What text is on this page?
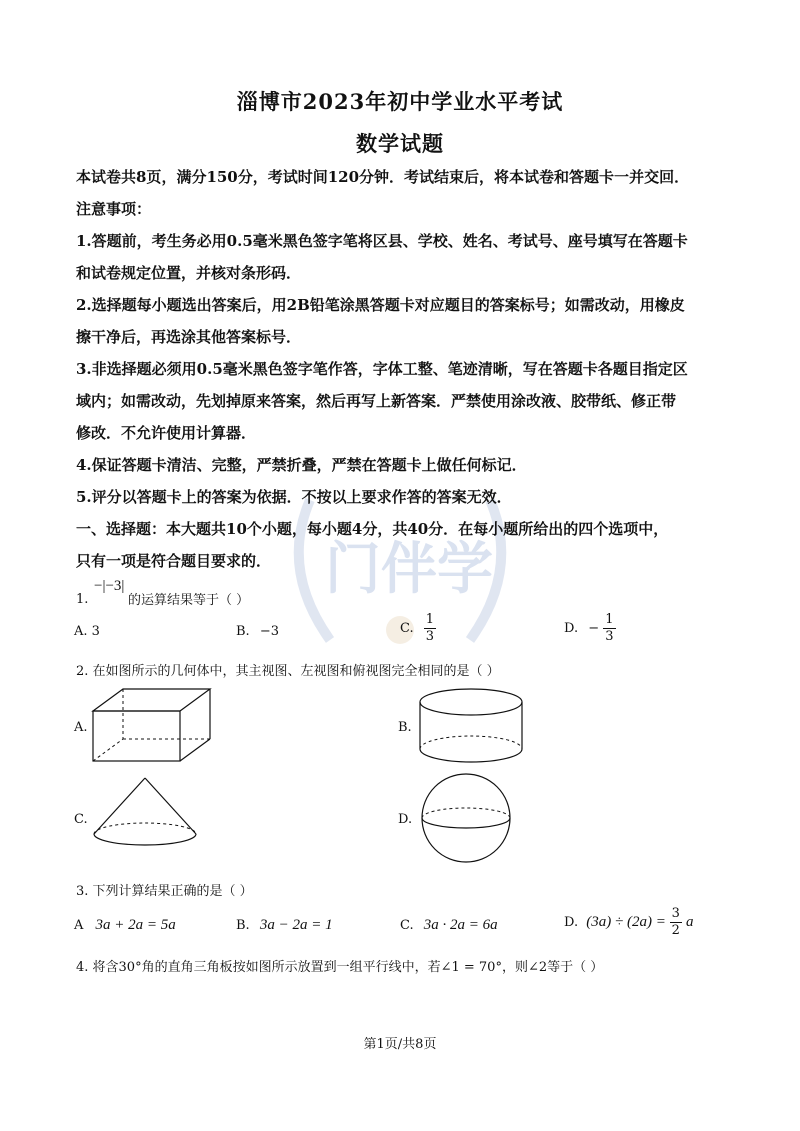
门伴学
淄博市2023年初中学业水平考试
数学试题
本试卷共8页，满分150分，考试时间120分钟．考试结束后，将本试卷和答题卡一并交回．
注意事项：
1.答题前，考生务必用0.5毫米黑色签字笔将区县、学校、姓名、考试号、座号填写在答题卡
和试卷规定位置，并核对条形码．
2.选择题每小题选出答案后，用2B铅笔涂黑答题卡对应题目的答案标号；如需改动，用橡皮
擦干净后，再选涂其他答案标号．
3.非选择题必须用0.5毫米黑色签字笔作答，字体工整、笔迹清晰，写在答题卡各题目指定区
域内；如需改动，先划掉原来答案，然后再写上新答案．严禁使用涂改液、胶带纸、修正带
修改．不允许使用计算器．
4.保证答题卡清洁、完整，严禁折叠，严禁在答题卡上做任何标记．
5.评分以答题卡上的答案为依据．不按以上要求作答的答案无效．
一、选择题：本大题共10个小题，每小题4分，共40分．在每小题所给出的四个选项中，
只有一项是符合题目要求的．
1.
−|−3|
的运算结果等于（ ）
A. 3	B. −3	C. $\frac{1}{3}$	D. − $\frac{1}{3}$
2. 在如图所示的几何体中，其主视图、左视图和俯视图完全相同的是（ ）
A.	B.
C.	D.
3. 下列计算结果正确的是（ ）
A 3a + 2a = 5a	B. 3a − 2a = 1	C. 3a · 2a = 6a	D. $(3a) \div (2a) = \frac{3}{2}$ a
4. 将含30°角的直角三角板按如图所示放置到一组平行线中，若∠1 = 70°，则∠2等于（ ）
第1页/共8页
